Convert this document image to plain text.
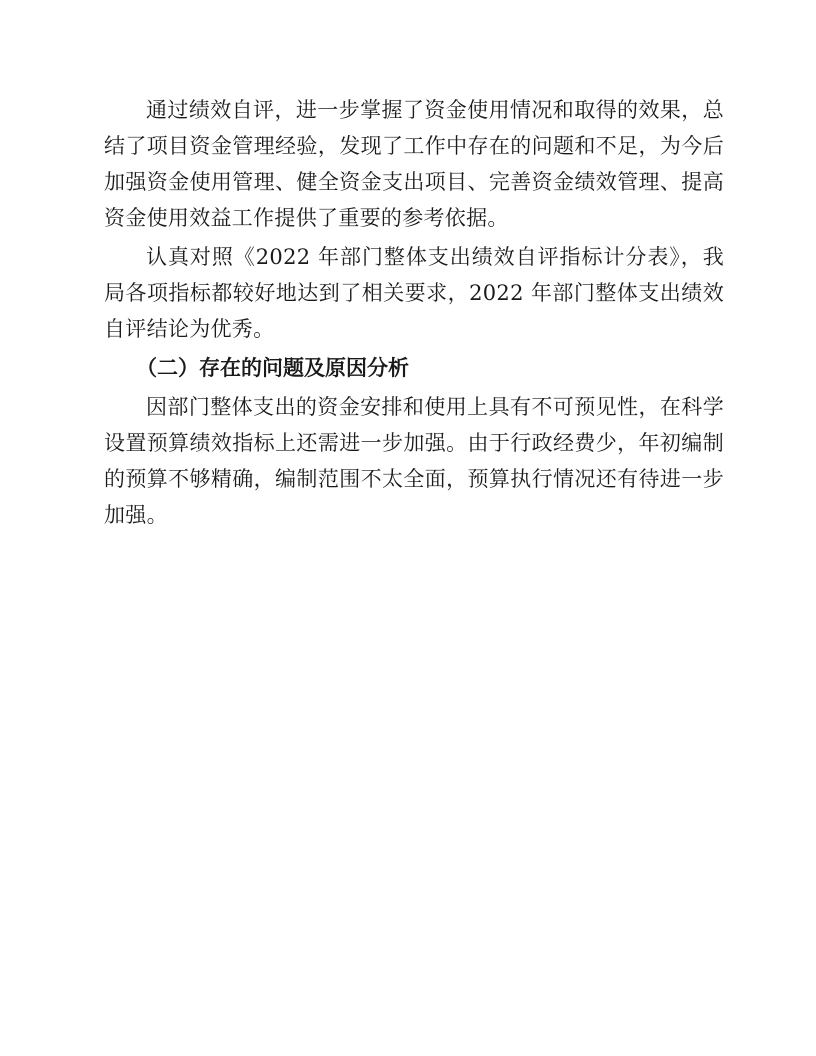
通过绩效自评，进一步掌握了资金使用情况和取得的效果，总结了项目资金管理经验，发现了工作中存在的问题和不足，为今后加强资金使用管理、健全资金支出项目、完善资金绩效管理、提高资金使用效益工作提供了重要的参考依据。

认真对照《2022 年部门整体支出绩效自评指标计分表》，我局各项指标都较好地达到了相关要求，2022 年部门整体支出绩效自评结论为优秀。

（二）存在的问题及原因分析

因部门整体支出的资金安排和使用上具有不可预见性，在科学设置预算绩效指标上还需进一步加强。由于行政经费少，年初编制的预算不够精确，编制范围不太全面，预算执行情况还有待进一步加强。
